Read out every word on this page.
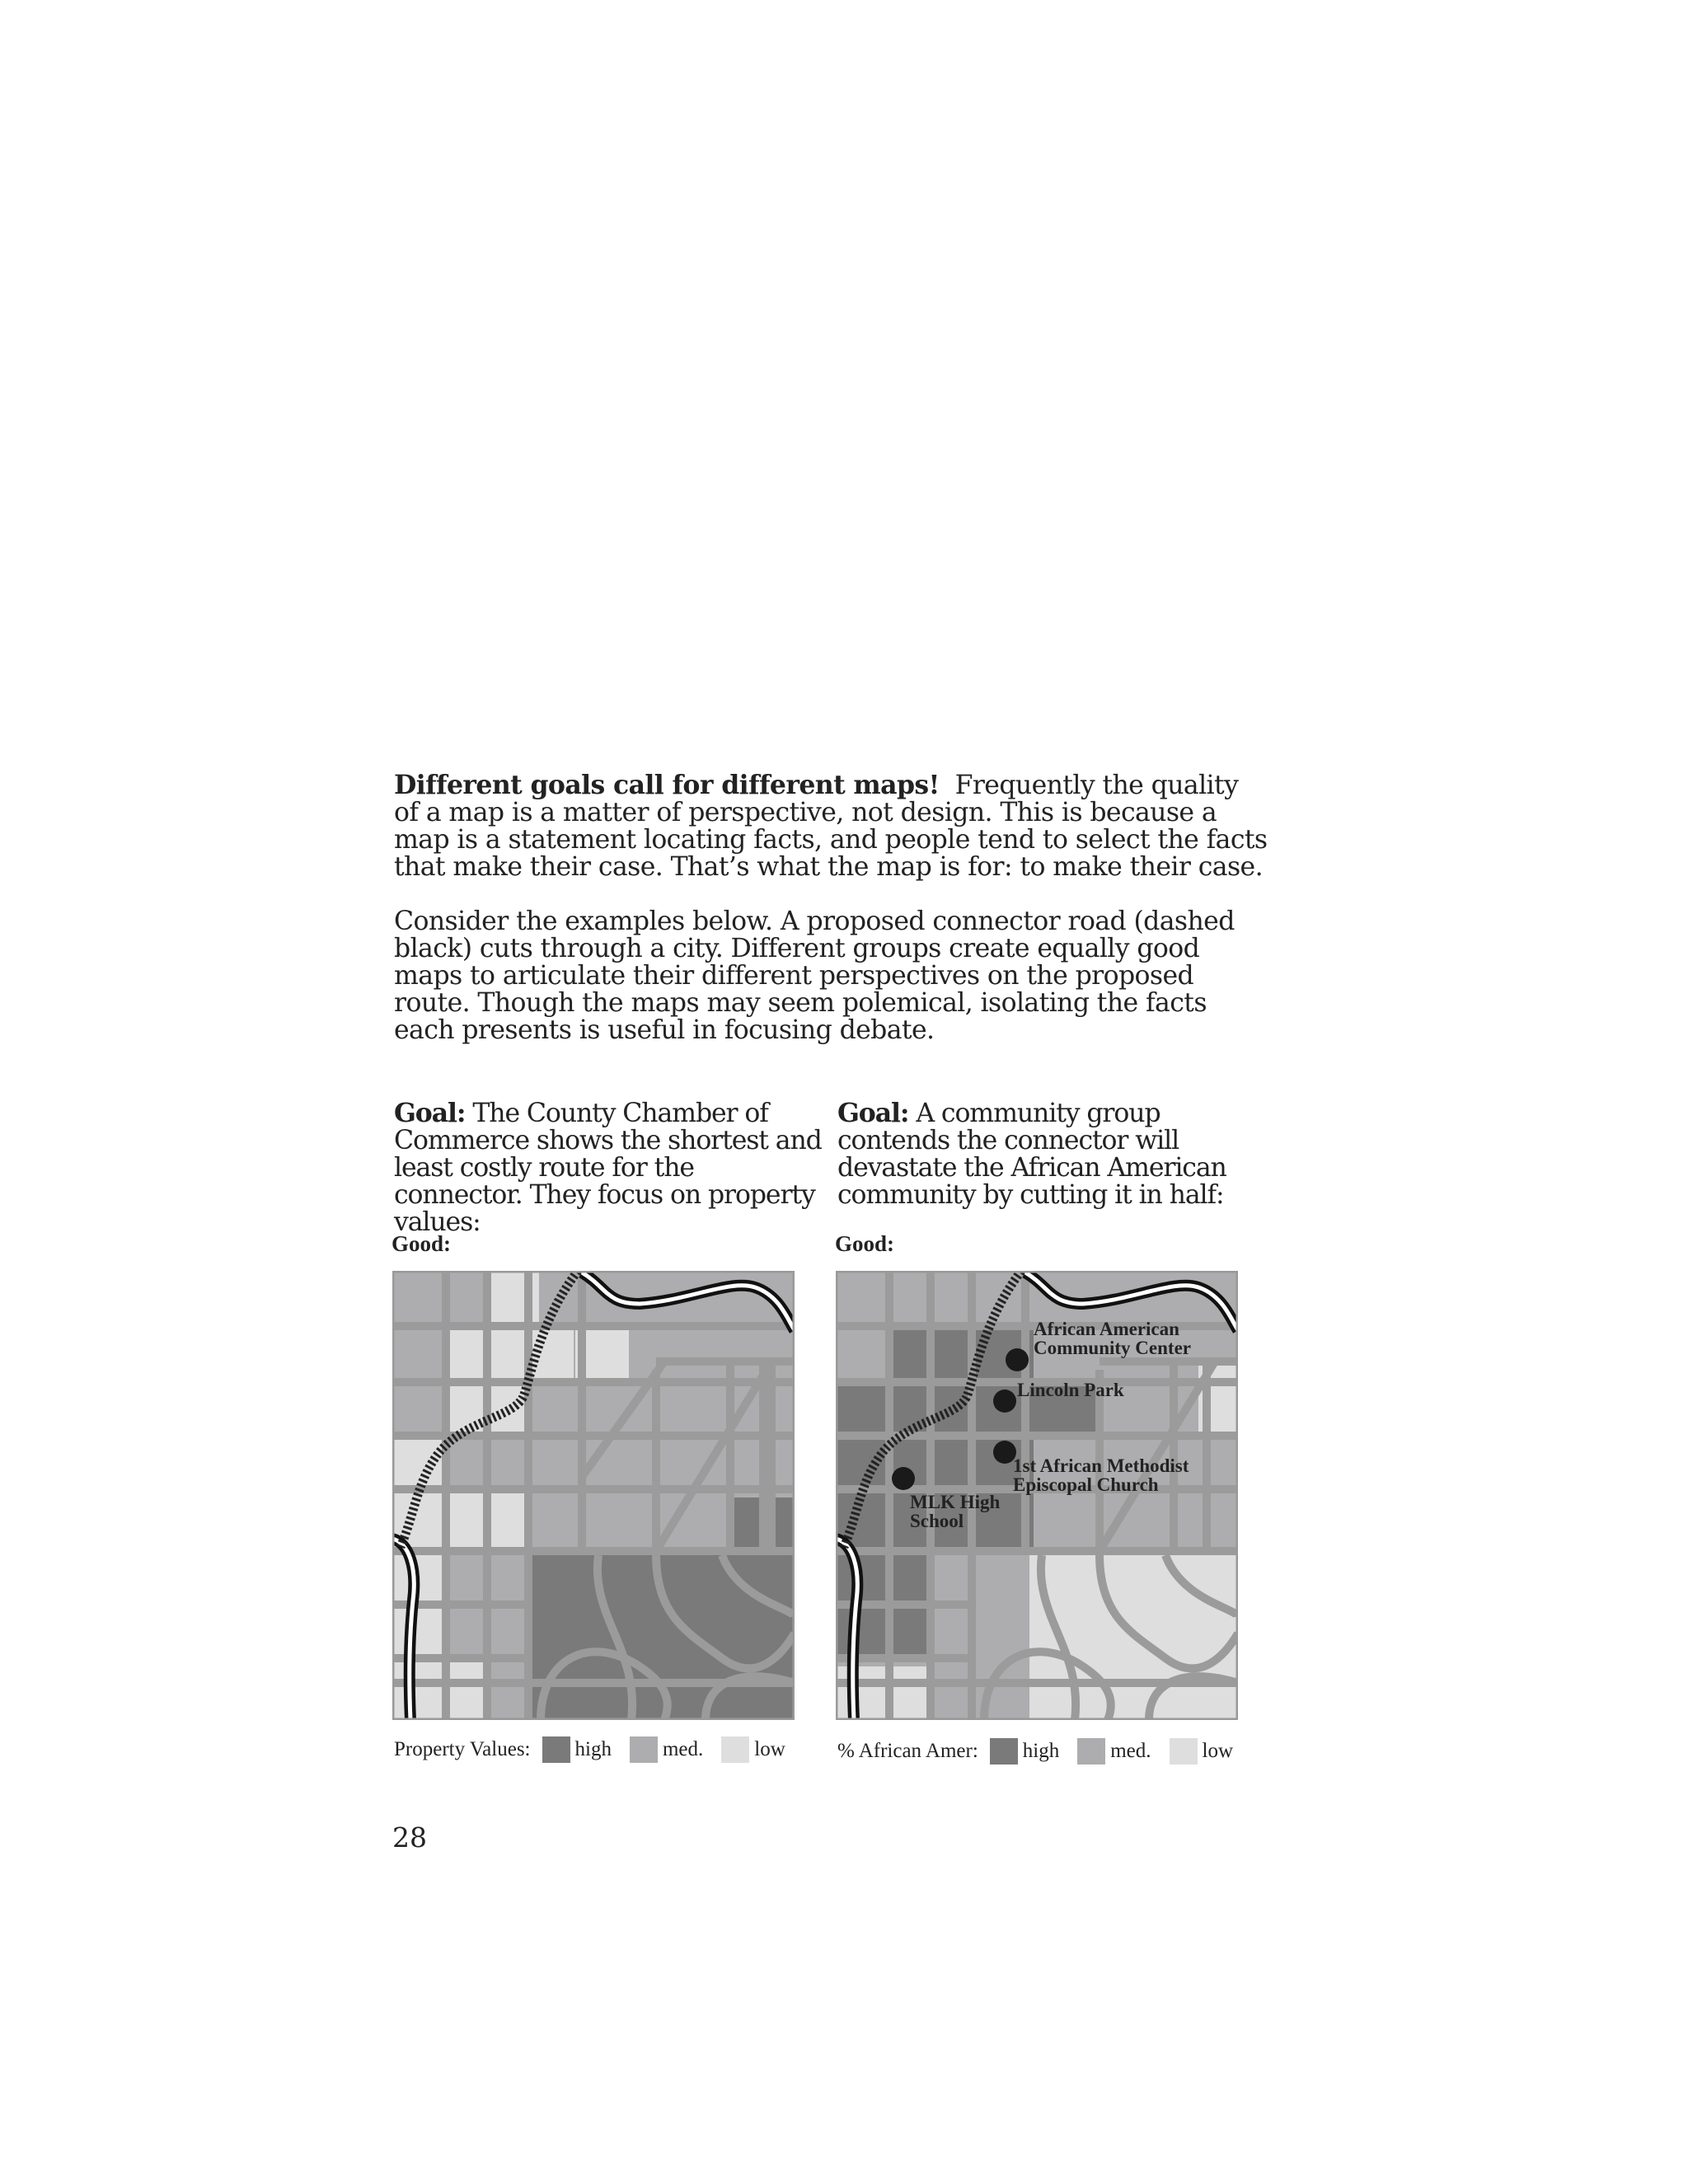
Different goals call for different maps! Frequently the quality of a map is a matter of perspective, not design. This is because a map is a statement locating facts, and people tend to select the facts that make their case. That’s what the map is for: to make their case.

Consider the examples below. A proposed connector road (dashed black) cuts through a city. Different groups create equally good maps to articulate their different perspectives on the proposed route. Though the maps may seem polemical, isolating the facts each presents is useful in focusing debate.

Goal: The County Chamber of Commerce shows the shortest and least costly route for the connector. They focus on property values:

Goal: A community group contends the connector will devastate the African American community by cutting it in half:

Good:	Good:

African American
Community Center
Lincoln Park
1st African Methodist
Episcopal Church
MLK High
School
Property Values: high med. low	% African Amer: high med. low

28
